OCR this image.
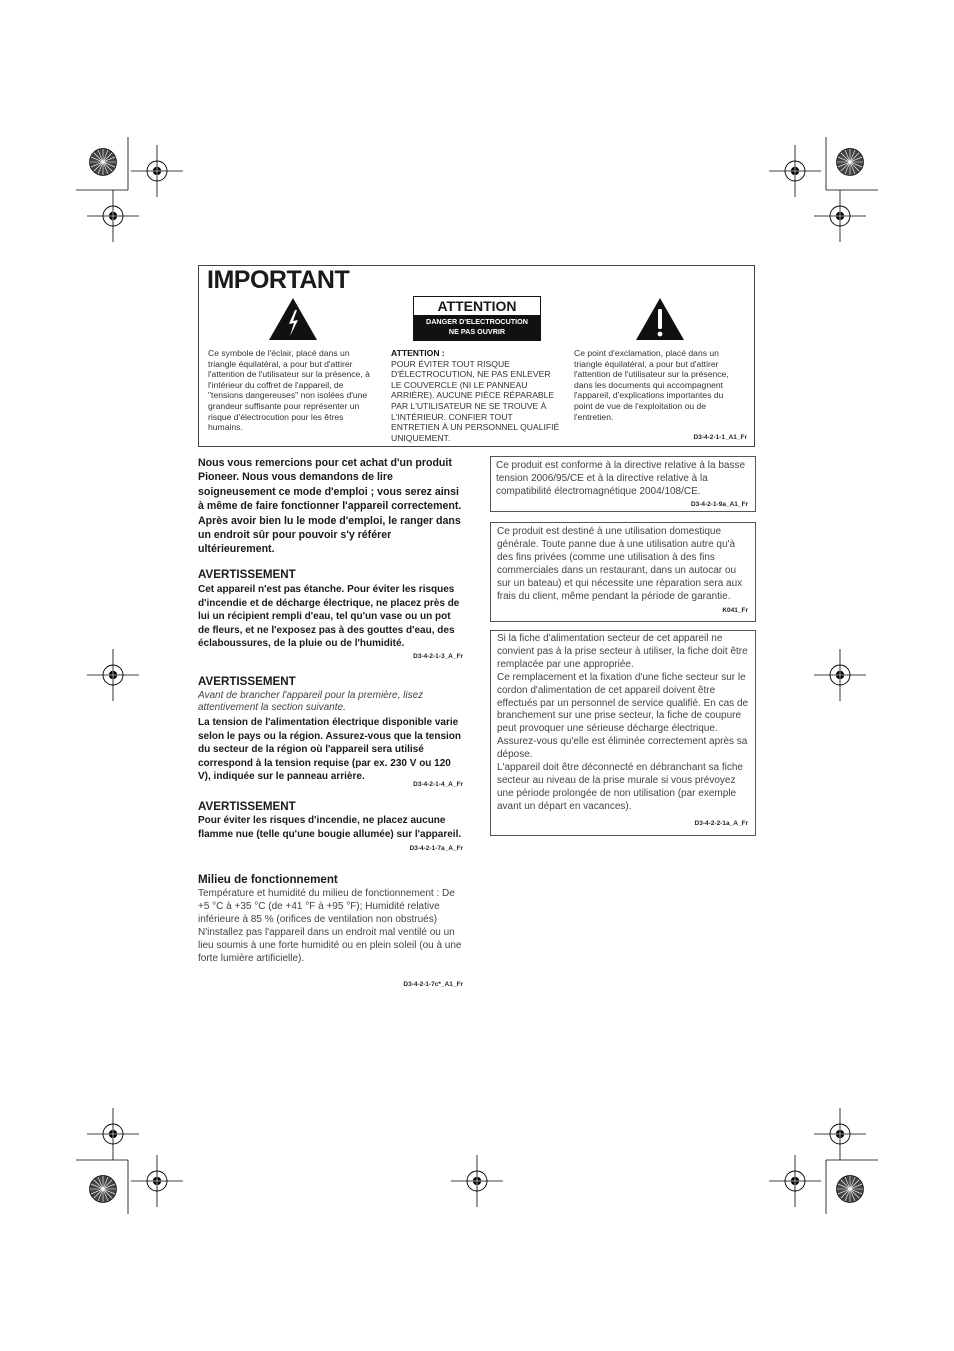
IMPORTANT
ATTENTION
DANGER D'ELECTROCUTION
NE PAS OUVRIR
Ce symbole de l'éclair, placé dans un triangle équilatéral, a pour but d'attirer l'attention de l'utilisateur sur la présence, à l'intérieur du coffret de l'appareil, de "tensions dangereuses" non isolées d'une grandeur suffisante pour représenter un risque d'électrocution pour les êtres humains.
ATTENTION :
POUR ÉVITER TOUT RISQUE D'ÉLECTROCUTION, NE PAS ENLEVER LE COUVERCLE (NI LE PANNEAU ARRIÈRE). AUCUNE PIÈCE RÉPARABLE PAR L'UTILISATEUR NE SE TROUVE À L'INTÉRIEUR. CONFIER TOUT ENTRETIEN À UN PERSONNEL QUALIFIÉ UNIQUEMENT.
Ce point d'exclamation, placé dans un triangle équilatéral, a pour but d'attirer l'attention de l'utilisateur sur la présence, dans les documents qui accompagnent l'appareil, d'explications importantes du point de vue de l'exploitation ou de l'entretien.
D3-4-2-1-1_A1_Fr
Nous vous remercions pour cet achat d'un produit Pioneer. Nous vous demandons de lire soigneusement ce mode d'emploi ; vous serez ainsi à même de faire fonctionner l'appareil correctement. Après avoir bien lu le mode d'emploi, le ranger dans un endroit sûr pour pouvoir s'y référer ultérieurement.
AVERTISSEMENT
Cet appareil n'est pas étanche. Pour éviter les risques d'incendie et de décharge électrique, ne placez près de lui un récipient rempli d'eau, tel qu'un vase ou un pot de fleurs, et ne l'exposez pas à des gouttes d'eau, des éclaboussures, de la pluie ou de l'humidité.
D3-4-2-1-3_A_Fr
AVERTISSEMENT
Avant de brancher l'appareil pour la première, lisez attentivement la section suivante.
La tension de l'alimentation électrique disponible varie selon le pays ou la région. Assurez-vous que la tension du secteur de la région où l'appareil sera utilisé correspond à la tension requise (par ex. 230 V ou 120 V), indiquée sur le panneau arrière.
D3-4-2-1-4_A_Fr
AVERTISSEMENT
Pour éviter les risques d'incendie, ne placez aucune flamme nue (telle qu'une bougie allumée) sur l'appareil.
D3-4-2-1-7a_A_Fr
Milieu de fonctionnement
Température et humidité du milieu de fonctionnement : De +5 °C à +35 °C (de +41 °F à +95 °F); Humidité relative inférieure à 85 % (orifices de ventilation non obstrués)
N'installez pas l'appareil dans un endroit mal ventilé ou un lieu soumis à une forte humidité ou en plein soleil (ou à une forte lumière artificielle).
D3-4-2-1-7c*_A1_Fr
Ce produit est conforme à la directive relative à la basse tension 2006/95/CE et à la directive relative à la compatibilité électromagnétique 2004/108/CE.
D3-4-2-1-9a_A1_Fr
Ce produit est destiné à une utilisation domestique générale. Toute panne due à une utilisation autre qu'à des fins privées (comme une utilisation à des fins commerciales dans un restaurant, dans un autocar ou sur un bateau) et qui nécessite une réparation sera aux frais du client, même pendant la période de garantie.
K041_Fr
Si la fiche d'alimentation secteur de cet appareil ne convient pas à la prise secteur à utiliser, la fiche doit être remplacée par une appropriée.
Ce remplacement et la fixation d'une fiche secteur sur le cordon d'alimentation de cet appareil doivent être effectués par un personnel de service qualifié. En cas de branchement sur une prise secteur, la fiche de coupure peut provoquer une sérieuse décharge électrique. Assurez-vous qu'elle est éliminée correctement après sa dépose.
L'appareil doit être déconnecté en débranchant sa fiche secteur au niveau de la prise murale si vous prévoyez une période prolongée de non utilisation (par exemple avant un départ en vacances).
D3-4-2-2-1a_A_Fr
